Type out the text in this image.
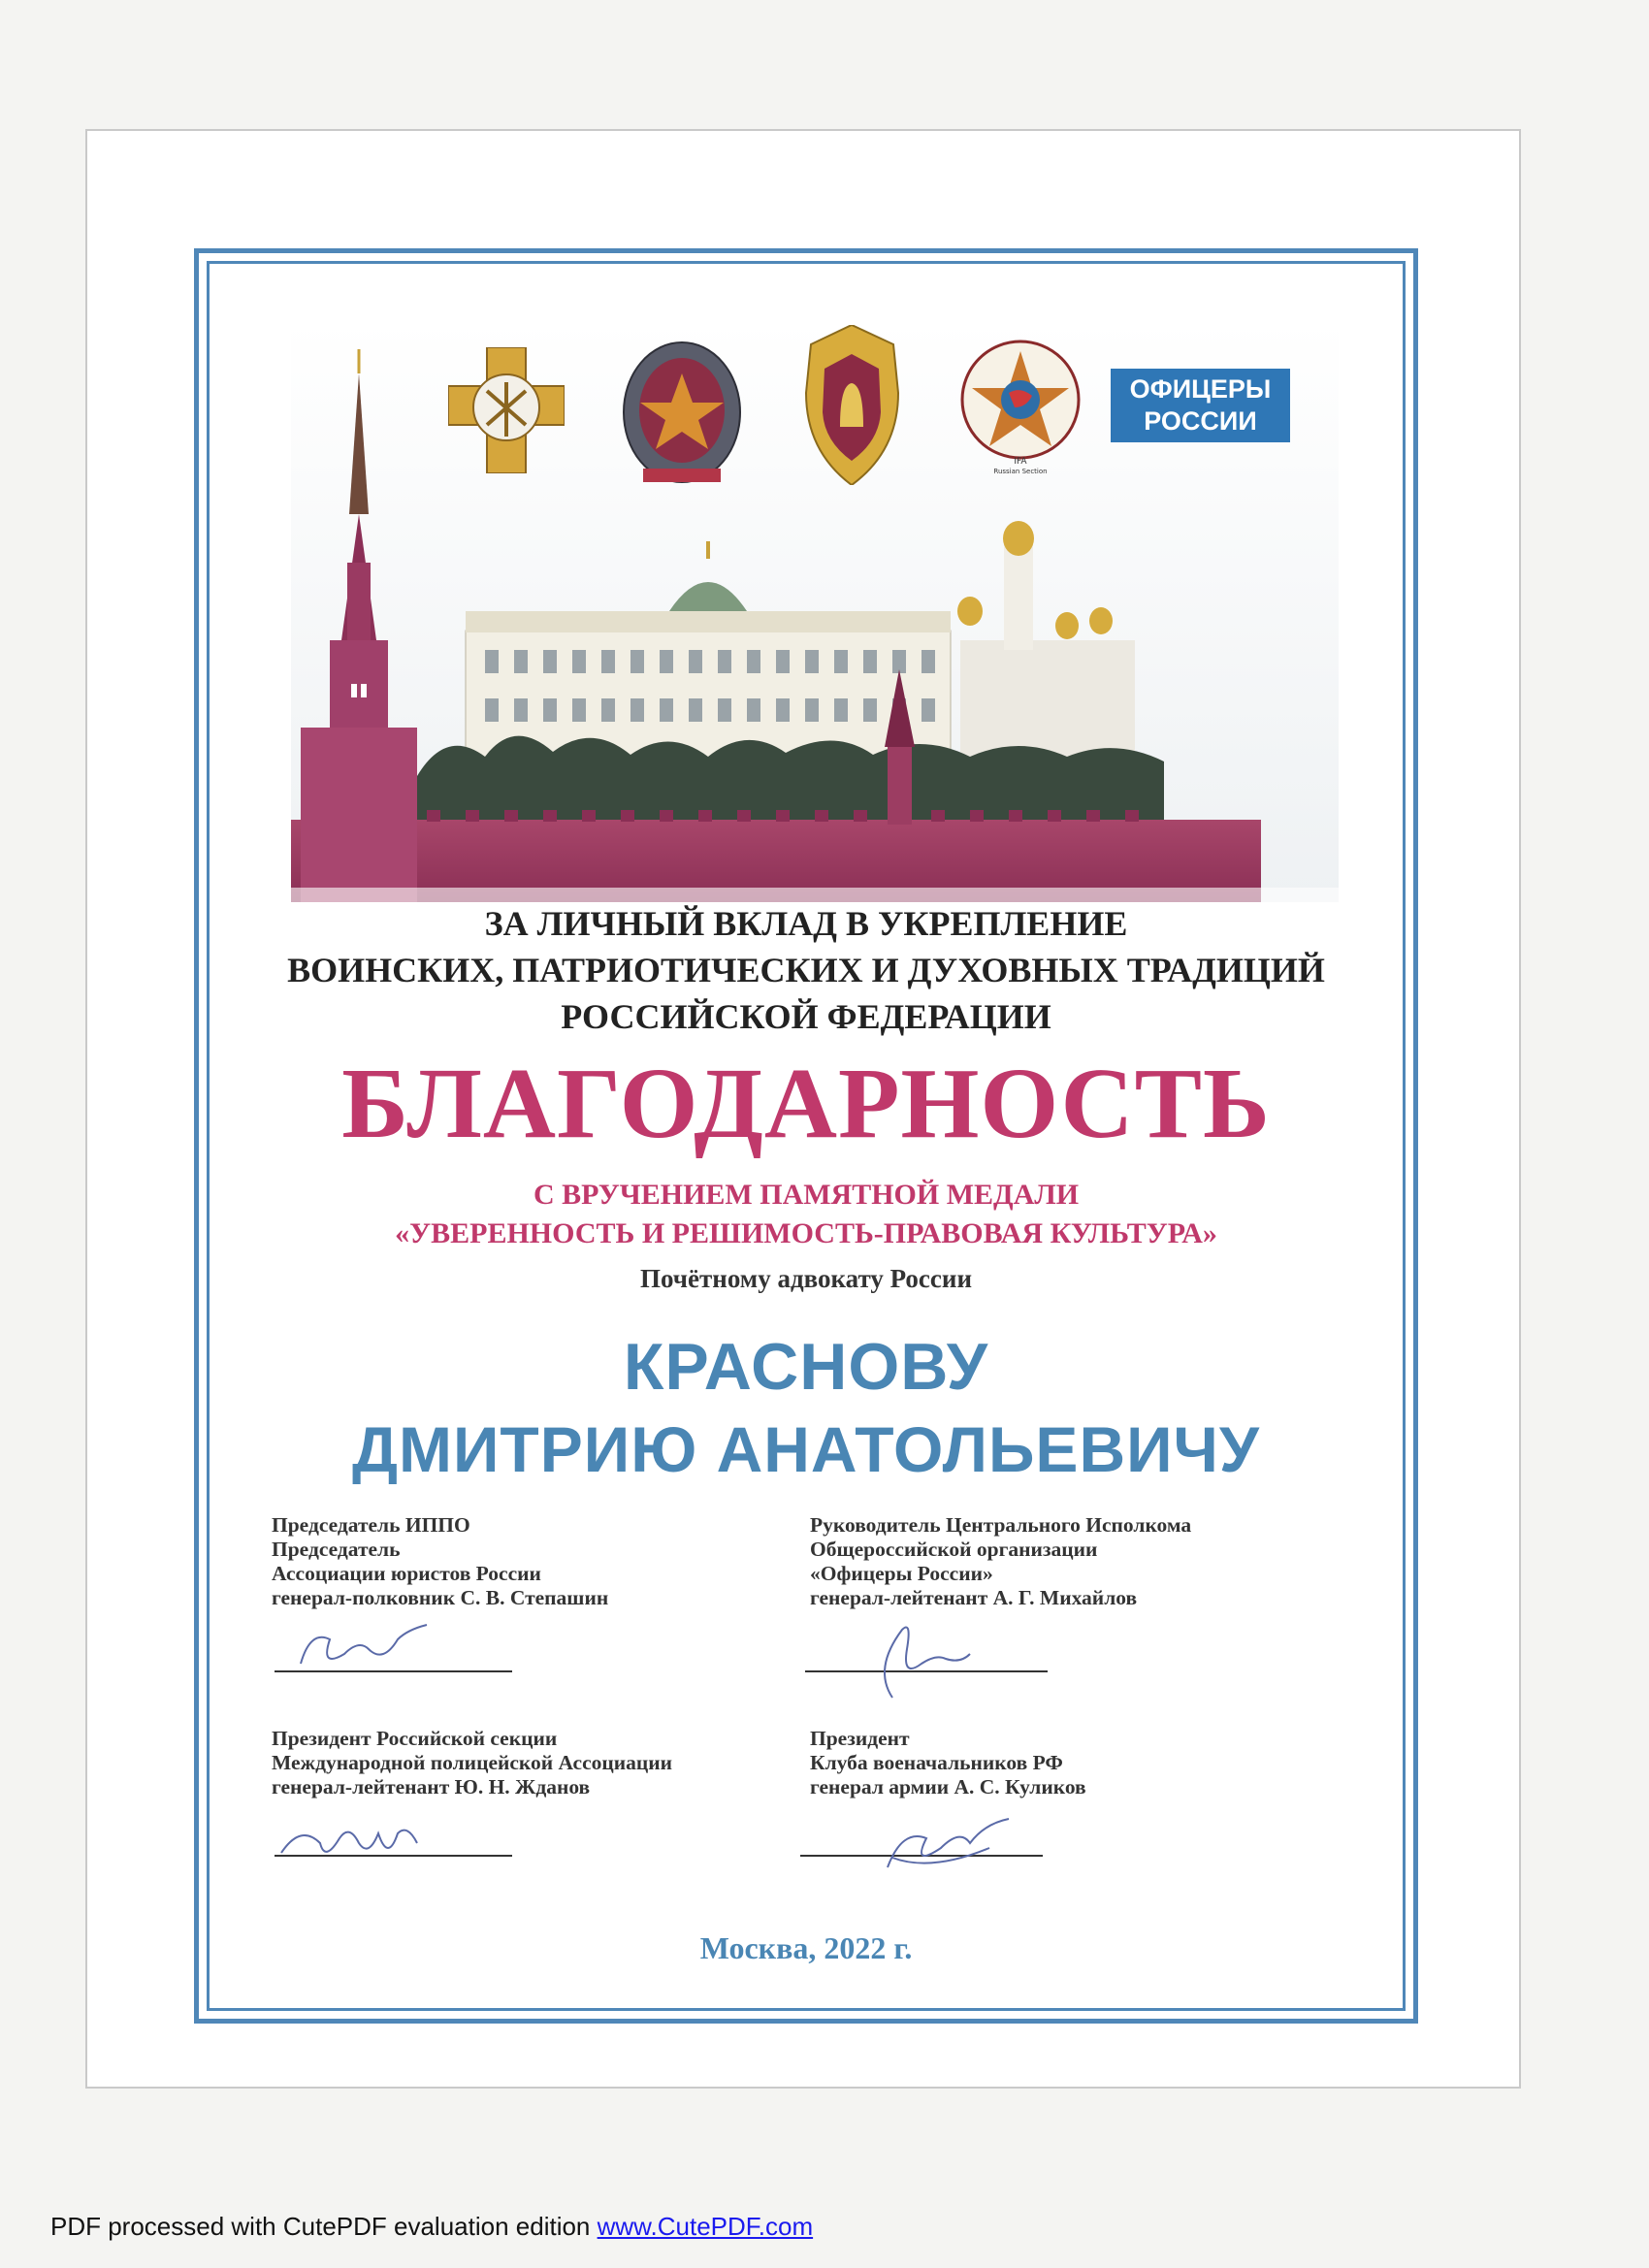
IFA
Russian Section
ОФИЦЕРЫ
РОССИИ
ЗА ЛИЧНЫЙ ВКЛАД В УКРЕПЛЕНИЕ
ВОИНСКИХ, ПАТРИОТИЧЕСКИХ И ДУХОВНЫХ ТРАДИЦИЙ
РОССИЙСКОЙ ФЕДЕРАЦИИ
БЛАГОДАРНОСТЬ
С ВРУЧЕНИЕМ ПАМЯТНОЙ МЕДАЛИ
«УВЕРЕННОСТЬ И РЕШИМОСТЬ-ПРАВОВАЯ КУЛЬТУРА»
Почётному адвокату России
КРАСНОВУ
ДМИТРИЮ АНАТОЛЬЕВИЧУ
Председатель ИППО
Председатель
Ассоциации юристов России
генерал-полковник С. В. Степашин
Руководитель Центрального Исполкома
Общероссийской организации
«Офицеры России»
генерал-лейтенант А. Г. Михайлов
Президент Российской секции
Международной полицейской Ассоциации
генерал-лейтенант Ю. Н. Жданов
Президент
Клуба военачальников РФ
генерал армии А. С. Куликов
Москва, 2022 г.
PDF processed with CutePDF evaluation edition www.CutePDF.com
